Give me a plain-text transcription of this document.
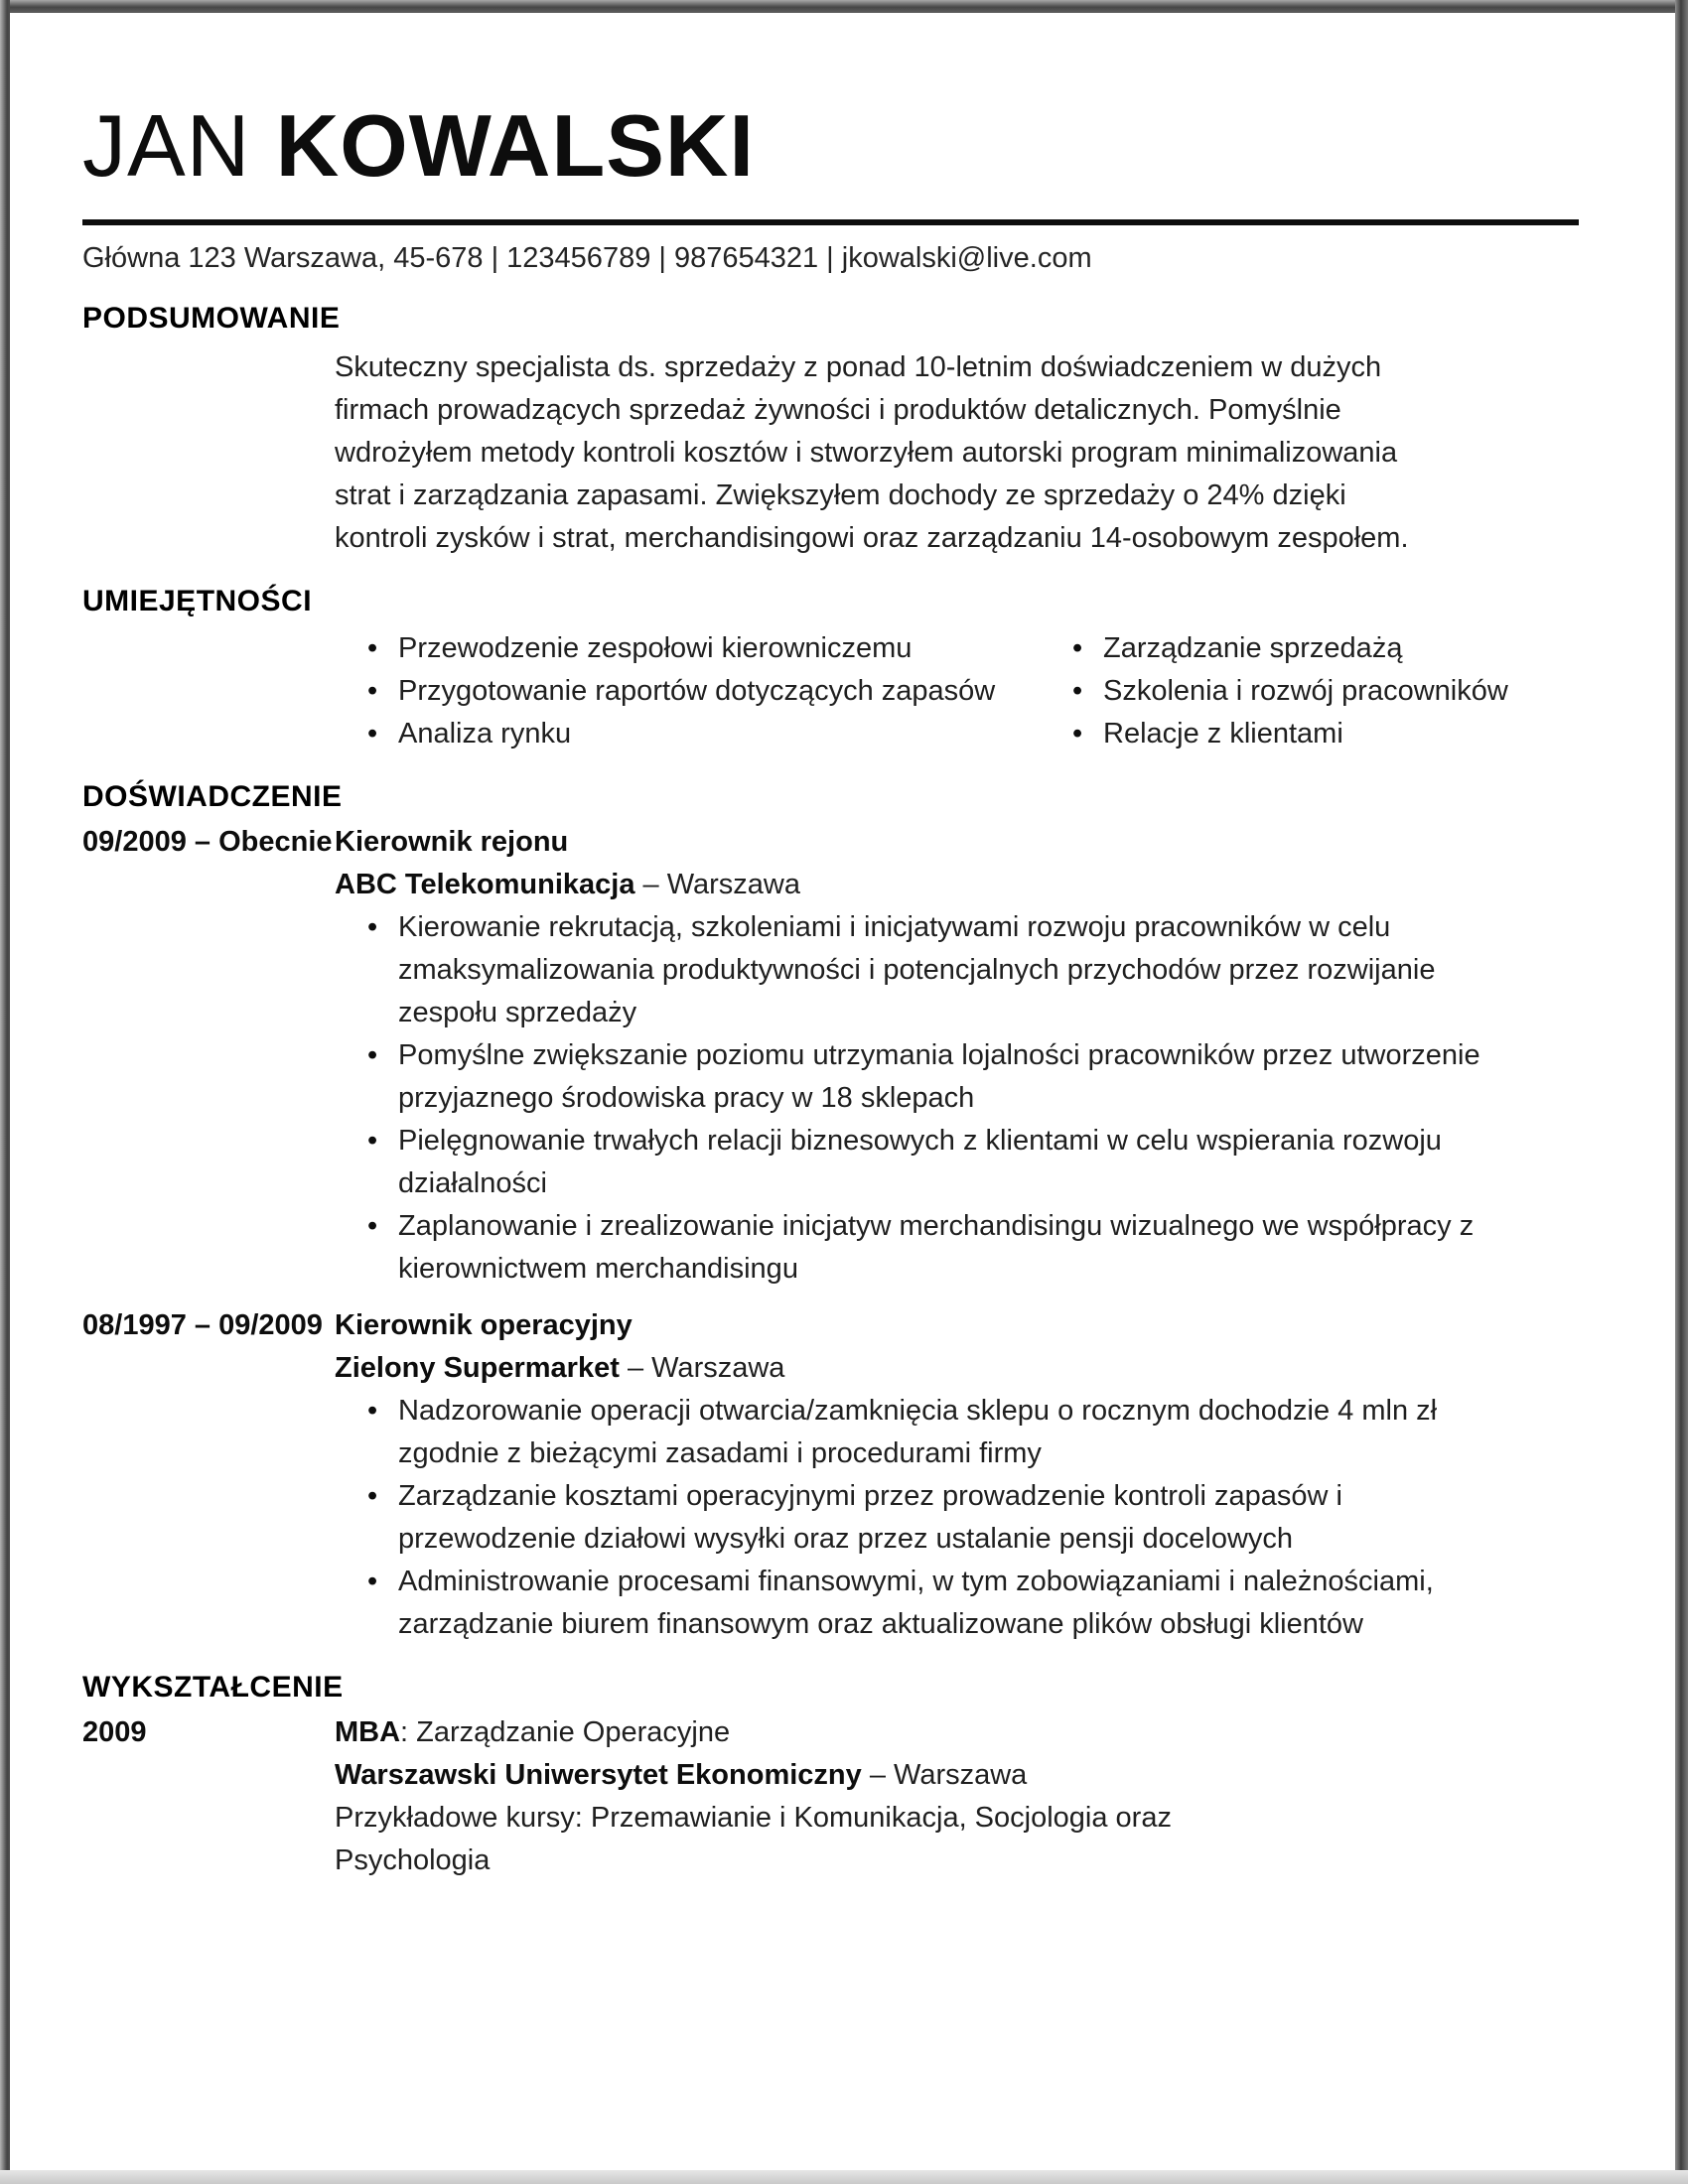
JAN KOWALSKI
Główna 123 Warszawa, 45-678 | 123456789 | 987654321 | jkowalski@live.com
PODSUMOWANIE

Skuteczny specjalista ds. sprzedaży z ponad 10-letnim doświadczeniem w dużych firmach prowadzących sprzedaż żywności i produktów detalicznych. Pomyślnie wdrożyłem metody kontroli kosztów i stworzyłem autorski program minimalizowania strat i zarządzania zapasami. Zwiększyłem dochody ze sprzedaży o 24% dzięki kontroli zysków i strat, merchandisingowi oraz zarządzaniu 14-osobowym zespołem.

UMIEJĘTNOŚCI
• Przewodzenie zespołowi kierowniczemu
• Przygotowanie raportów dotyczących zapasów
• Analiza rynku
• Zarządzanie sprzedażą
• Szkolenia i rozwój pracowników
• Relacje z klientami
DOŚWIADCZENIE
09/2009 – Obecnie Kierownik rejonu
ABC Telekomunikacja – Warszawa
• Kierowanie rekrutacją, szkoleniami i inicjatywami rozwoju pracowników w celu zmaksymalizowania produktywności i potencjalnych przychodów przez rozwijanie zespołu sprzedaży
• Pomyślne zwiększanie poziomu utrzymania lojalności pracowników przez utworzenie przyjaznego środowiska pracy w 18 sklepach
• Pielęgnowanie trwałych relacji biznesowych z klientami w celu wspierania rozwoju działalności
• Zaplanowanie i zrealizowanie inicjatyw merchandisingu wizualnego we współpracy z kierownictwem merchandisingu
08/1997 – 09/2009 Kierownik operacyjny
Zielony Supermarket – Warszawa
• Nadzorowanie operacji otwarcia/zamknięcia sklepu o rocznym dochodzie 4 mln zł zgodnie z bieżącymi zasadami i procedurami firmy
• Zarządzanie kosztami operacyjnymi przez prowadzenie kontroli zapasów i przewodzenie działowi wysyłki oraz przez ustalanie pensji docelowych
• Administrowanie procesami finansowymi, w tym zobowiązaniami i należnościami, zarządzanie biurem finansowym oraz aktualizowane plików obsługi klientów
WYKSZTAŁCENIE
2009	MBA: Zarządzanie Operacyjne
Warszawski Uniwersytet Ekonomiczny – Warszawa
Przykładowe kursy: Przemawianie i Komunikacja, Socjologia oraz Psychologia
